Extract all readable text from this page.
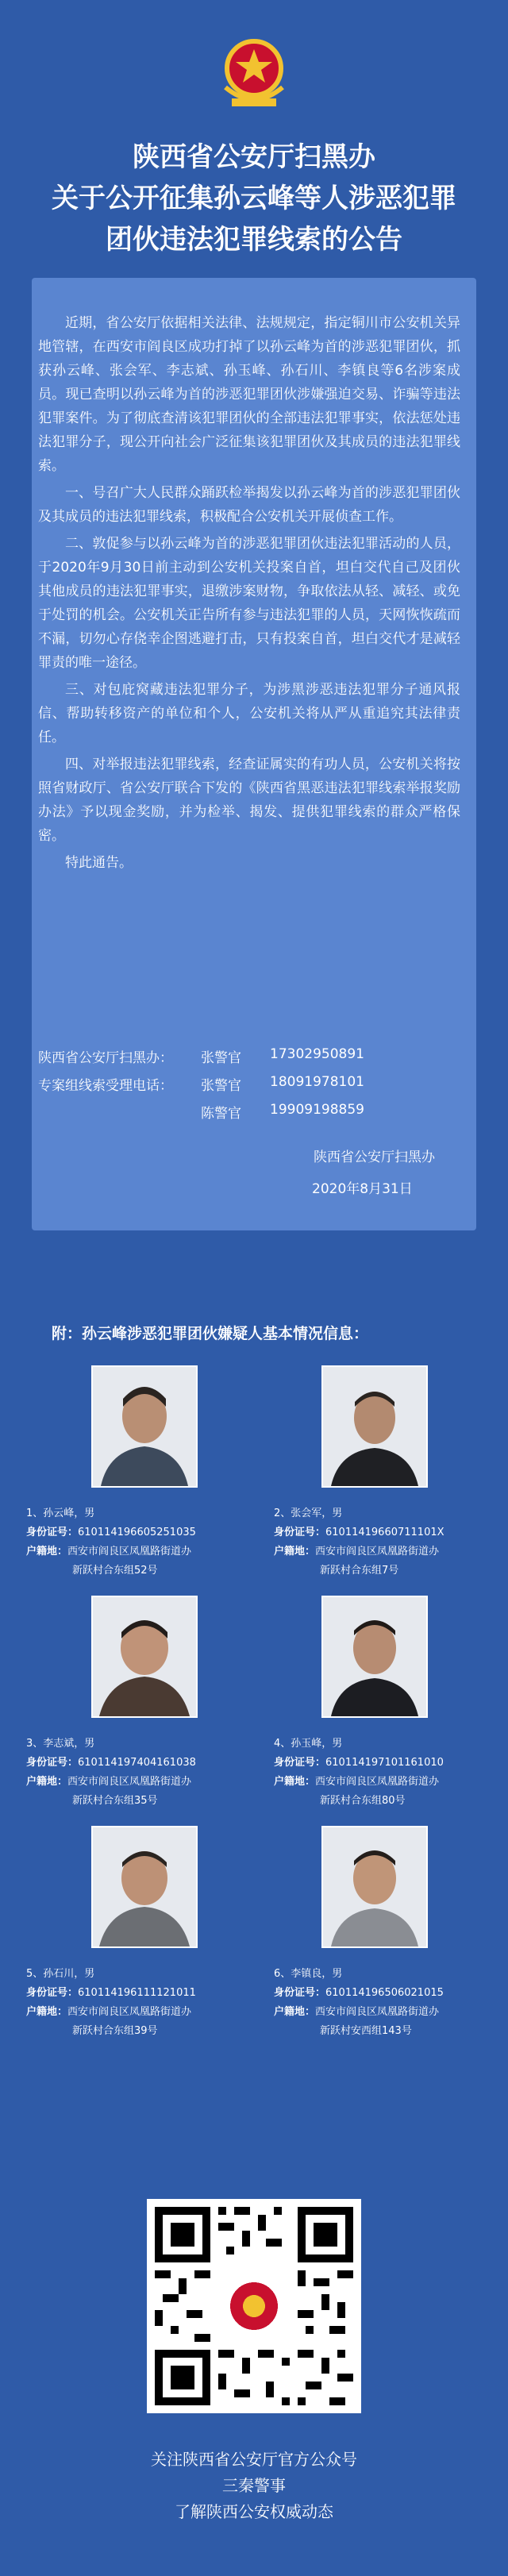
陕西省公安厅扫黑办
关于公开征集孙云峰等人涉恶犯罪
团伙违法犯罪线索的公告

近期，省公安厅依据相关法律、法规规定，指定铜川市公安机关异地管辖，在西安市阎良区成功打掉了以孙云峰为首的涉恶犯罪团伙，抓获孙云峰、张会军、李志斌、孙玉峰、孙石川、李镇良等6名涉案成员。现已查明以孙云峰为首的涉恶犯罪团伙涉嫌强迫交易、诈骗等违法犯罪案件。为了彻底查清该犯罪团伙的全部违法犯罪事实，依法惩处违法犯罪分子，现公开向社会广泛征集该犯罪团伙及其成员的违法犯罪线索。

一、号召广大人民群众踊跃检举揭发以孙云峰为首的涉恶犯罪团伙及其成员的违法犯罪线索，积极配合公安机关开展侦查工作。

二、敦促参与以孙云峰为首的涉恶犯罪团伙违法犯罪活动的人员，于2020年9月30日前主动到公安机关投案自首，坦白交代自己及团伙其他成员的违法犯罪事实，退缴涉案财物，争取依法从轻、减轻、或免于处罚的机会。公安机关正告所有参与违法犯罪的人员，天网恢恢疏而不漏，切勿心存侥幸企图逃避打击，只有投案自首，坦白交代才是减轻罪责的唯一途径。

三、对包庇窝藏违法犯罪分子，为涉黑涉恶违法犯罪分子通风报信、帮助转移资产的单位和个人，公安机关将从严从重追究其法律责任。

四、对举报违法犯罪线索，经查证属实的有功人员，公安机关将按照省财政厅、省公安厅联合下发的《陕西省黑恶违法犯罪线索举报奖励办法》予以现金奖励，并为检举、揭发、提供犯罪线索的群众严格保密。

特此通告。

陕西省公安厅扫黑办： 张警官 17302950891
专案组线索受理电话： 张警官 18091978101
陈警官 19909198859
陕西省公安厅扫黑办
2020年8月31日
附：孙云峰涉恶犯罪团伙嫌疑人基本情况信息：
1、孙云峰，男
身份证号：610114196605251035
户籍地：西安市阎良区凤凰路街道办
新跃村合东组52号
2、张会军，男
身份证号：61011419660711101X
户籍地：西安市阎良区凤凰路街道办
新跃村合东组7号
3、李志斌，男
身份证号：610114197404161038
户籍地：西安市阎良区凤凰路街道办
新跃村合东组35号
4、孙玉峰，男
身份证号：610114197101161010
户籍地：西安市阎良区凤凰路街道办
新跃村合东组80号
5、孙石川，男
身份证号：610114196111121011
户籍地：西安市阎良区凤凰路街道办
新跃村合东组39号
6、李镇良，男
身份证号：610114196506021015
户籍地：西安市阎良区凤凰路街道办
新跃村安西组143号
关注陕西省公安厅官方公众号
三秦警事
了解陕西公安权威动态
